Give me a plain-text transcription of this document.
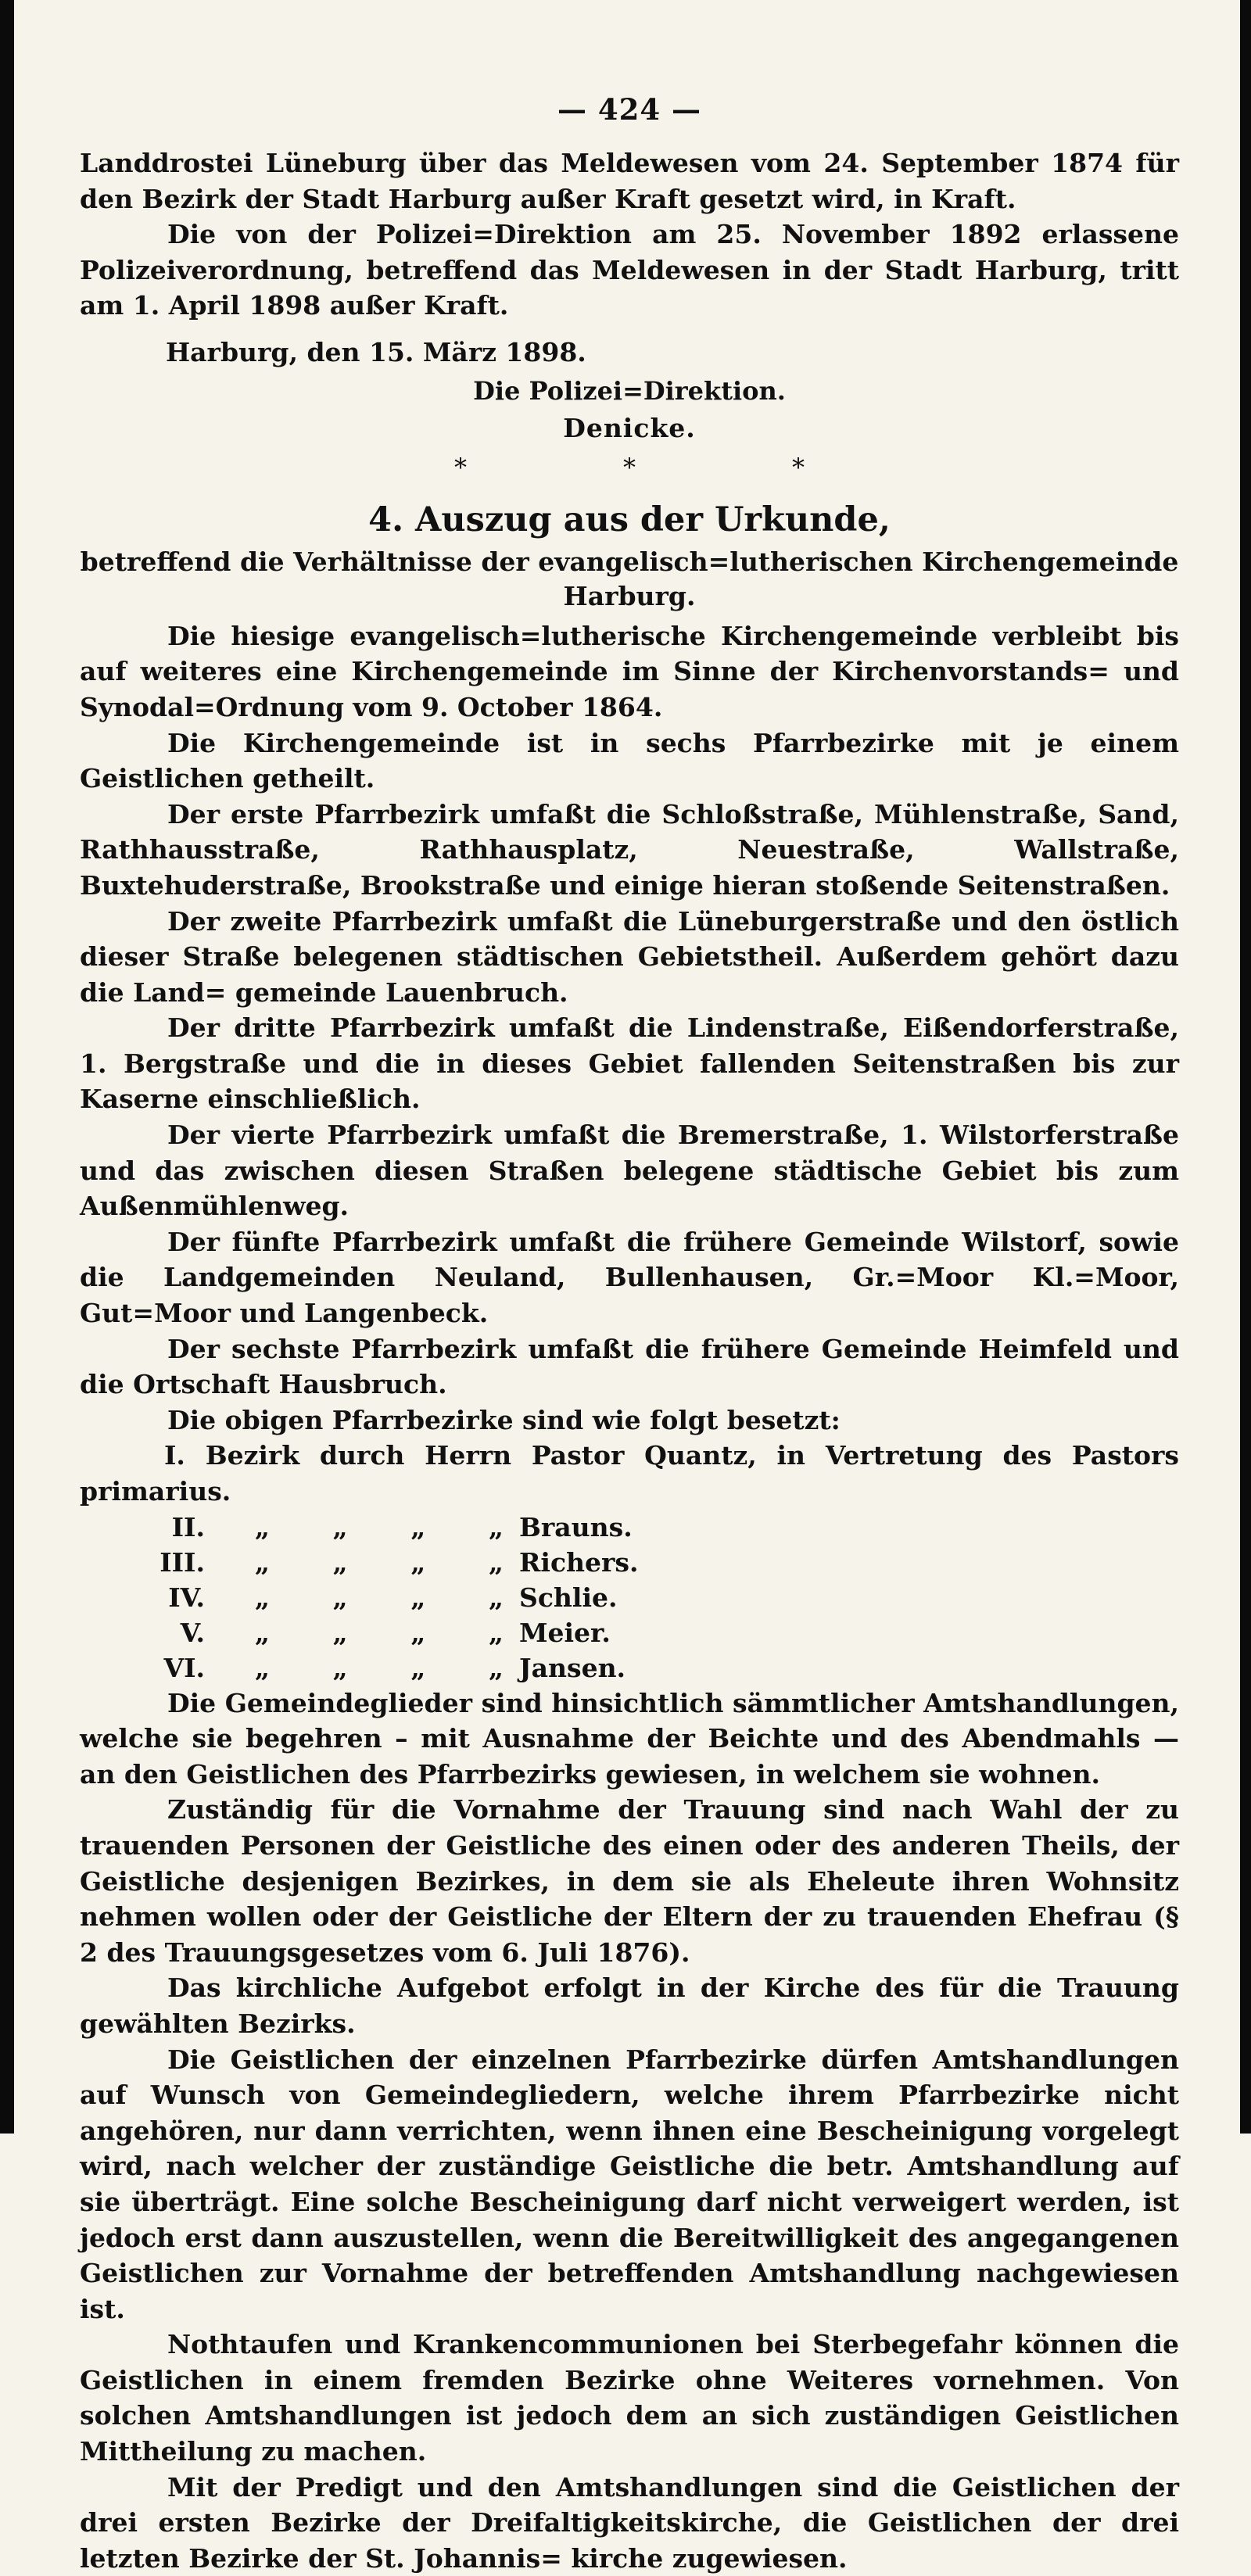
— 424 —

Landdrostei Lüneburg über das Meldewesen vom 24. September 1874 für den Bezirk der Stadt Harburg außer Kraft gesetzt wird, in Kraft.

Die von der Polizei=Direktion am 25. November 1892 erlassene Polizeiverordnung, betreffend das Meldewesen in der Stadt Harburg, tritt am 1. April 1898 außer Kraft.

Harburg, den 15. März 1898.

Die Polizei=Direktion.

Denicke.

*	*	*
4. Auszug aus der Urkunde,
betreffend die Verhältnisse der evangelisch=lutherischen Kirchengemeinde Harburg.

Die hiesige evangelisch=lutherische Kirchengemeinde verbleibt bis auf weiteres eine Kirchengemeinde im Sinne der Kirchenvorstands= und Synodal=Ordnung vom 9. October 1864.

Die Kirchengemeinde ist in sechs Pfarrbezirke mit je einem Geistlichen getheilt.

Der erste Pfarrbezirk umfaßt die Schloßstraße, Mühlenstraße, Sand, Rathhausstraße, Rathhausplatz, Neuestraße, Wallstraße, Buxtehuderstraße, Brookstraße und einige hieran stoßende Seitenstraßen.

Der zweite Pfarrbezirk umfaßt die Lüneburgerstraße und den östlich dieser Straße belegenen städtischen Gebietstheil. Außerdem gehört dazu die Land= gemeinde Lauenbruch.

Der dritte Pfarrbezirk umfaßt die Lindenstraße, Eißendorferstraße, 1. Bergstraße und die in dieses Gebiet fallenden Seitenstraßen bis zur Kaserne einschließlich.

Der vierte Pfarrbezirk umfaßt die Bremerstraße, 1. Wilstorferstraße und das zwischen diesen Straßen belegene städtische Gebiet bis zum Außenmühlenweg.

Der fünfte Pfarrbezirk umfaßt die frühere Gemeinde Wilstorf, sowie die Landgemeinden Neuland, Bullenhausen, Gr.=Moor Kl.=Moor, Gut=Moor und Langenbeck.

Der sechste Pfarrbezirk umfaßt die frühere Gemeinde Heimfeld und die Ortschaft Hausbruch.

Die obigen Pfarrbezirke sind wie folgt besetzt:

I. Bezirk durch Herrn Pastor Quantz, in Vertretung des Pastors primarius.

II.	„ „ „ „ Brauns.
III.	„ „ „ „ Richers.
IV.	„ „ „ „ Schlie.
V.	„ „ „ „ Meier.
VI.	„ „ „ „ Jansen.

Die Gemeindeglieder sind hinsichtlich sämmtlicher Amtshandlungen, welche sie begehren – mit Ausnahme der Beichte und des Abendmahls — an den Geistlichen des Pfarrbezirks gewiesen, in welchem sie wohnen.

Zuständig für die Vornahme der Trauung sind nach Wahl der zu trauenden Personen der Geistliche des einen oder des anderen Theils, der Geistliche desjenigen Bezirkes, in dem sie als Eheleute ihren Wohnsitz nehmen wollen oder der Geistliche der Eltern der zu trauenden Ehefrau (§ 2 des Trauungsgesetzes vom 6. Juli 1876).

Das kirchliche Aufgebot erfolgt in der Kirche des für die Trauung gewählten Bezirks.

Die Geistlichen der einzelnen Pfarrbezirke dürfen Amtshandlungen auf Wunsch von Gemeindegliedern, welche ihrem Pfarrbezirke nicht angehören, nur dann verrichten, wenn ihnen eine Bescheinigung vorgelegt wird, nach welcher der zuständige Geistliche die betr. Amtshandlung auf sie überträgt. Eine solche Bescheinigung darf nicht verweigert werden, ist jedoch erst dann auszustellen, wenn die Bereitwilligkeit des angegangenen Geistlichen zur Vornahme der betreffenden Amtshandlung nachgewiesen ist.

Nothtaufen und Krankencommunionen bei Sterbegefahr können die Geistlichen in einem fremden Bezirke ohne Weiteres vornehmen. Von solchen Amtshandlungen ist jedoch dem an sich zuständigen Geistlichen Mittheilung zu machen.

Mit der Predigt und den Amtshandlungen sind die Geistlichen der drei ersten Bezirke der Dreifaltigkeitskirche, die Geistlichen der drei letzten Bezirke der St. Johannis= kirche zugewiesen.
